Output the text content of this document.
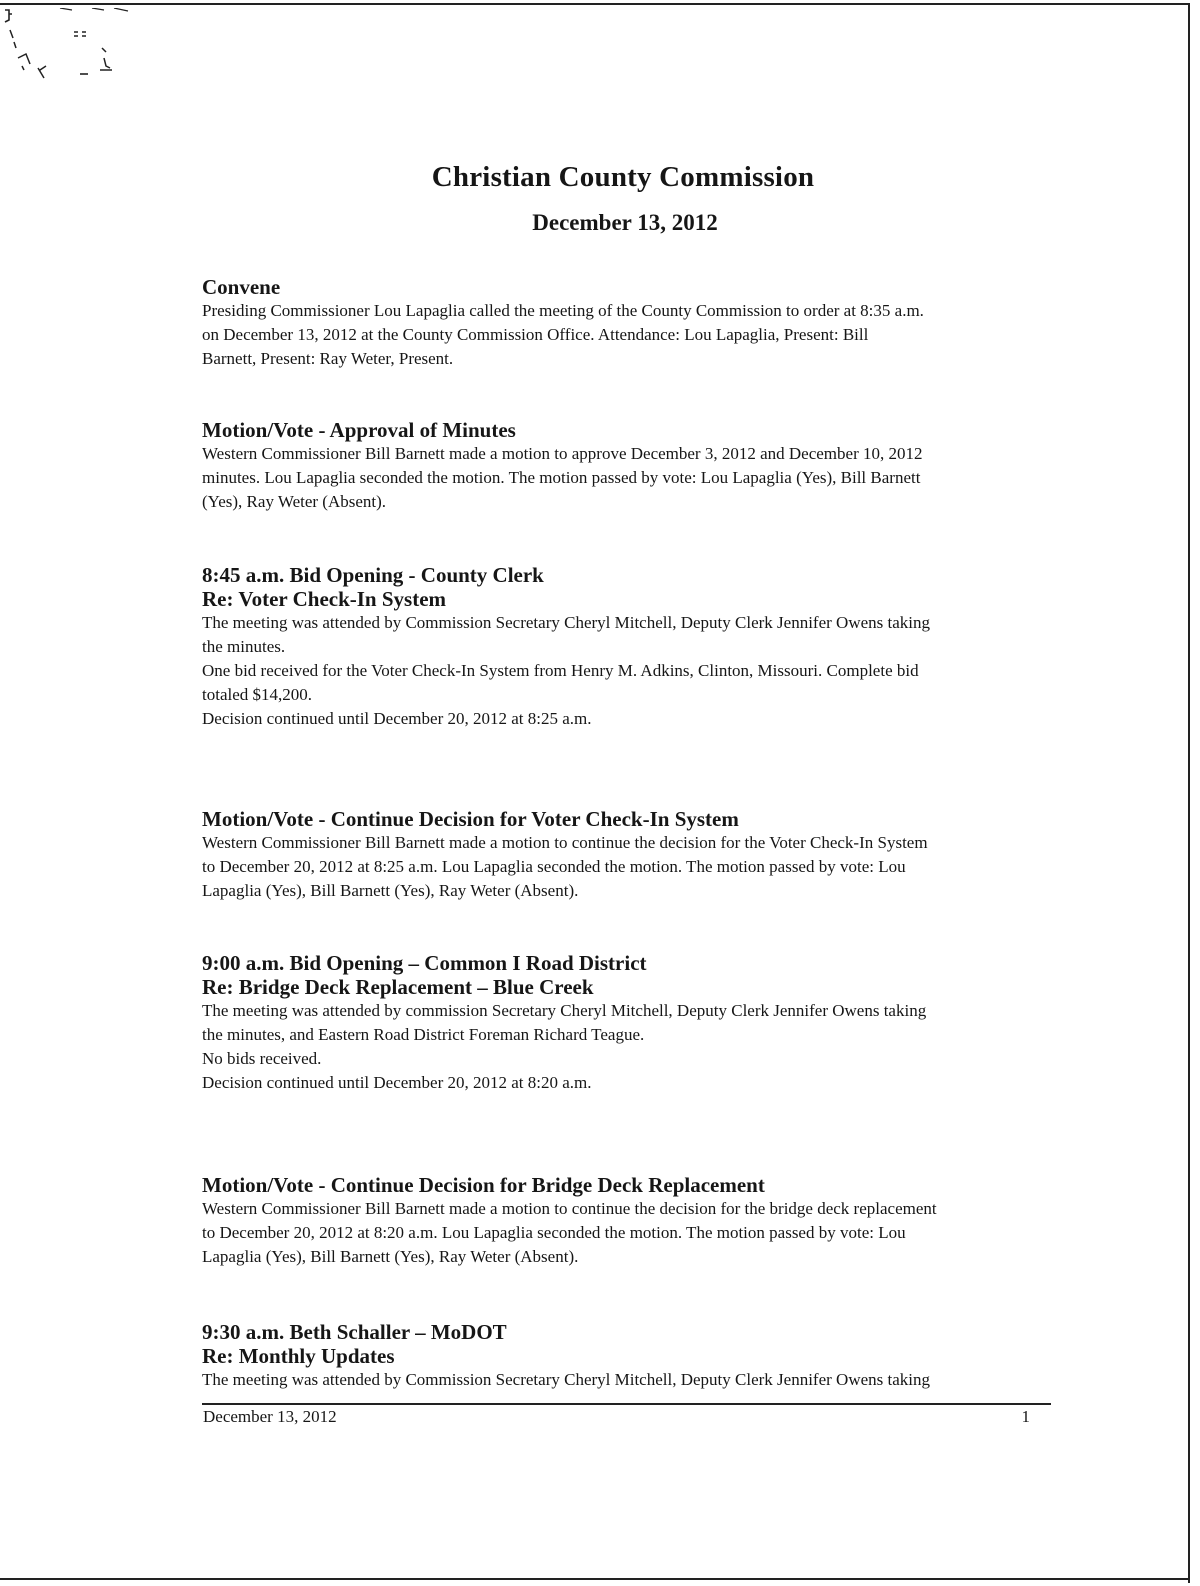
Christian County Commission
December 13, 2012
Convene
Presiding Commissioner Lou Lapaglia called the meeting of the County Commission to order at 8:35 a.m.
on December 13, 2012 at the County Commission Office. Attendance: Lou Lapaglia, Present: Bill
Barnett, Present: Ray Weter, Present.
Motion/Vote - Approval of Minutes
Western Commissioner Bill Barnett made a motion to approve December 3, 2012 and December 10, 2012
minutes. Lou Lapaglia seconded the motion. The motion passed by vote: Lou Lapaglia (Yes), Bill Barnett
(Yes), Ray Weter (Absent).
8:45 a.m. Bid Opening - County Clerk
Re: Voter Check-In System
The meeting was attended by Commission Secretary Cheryl Mitchell, Deputy Clerk Jennifer Owens taking
the minutes.
One bid received for the Voter Check-In System from Henry M. Adkins, Clinton, Missouri. Complete bid
totaled $14,200.
Decision continued until December 20, 2012 at 8:25 a.m.
Motion/Vote - Continue Decision for Voter Check-In System
Western Commissioner Bill Barnett made a motion to continue the decision for the Voter Check-In System
to December 20, 2012 at 8:25 a.m. Lou Lapaglia seconded the motion. The motion passed by vote: Lou
Lapaglia (Yes), Bill Barnett (Yes), Ray Weter (Absent).
9:00 a.m. Bid Opening – Common I Road District
Re: Bridge Deck Replacement – Blue Creek
The meeting was attended by commission Secretary Cheryl Mitchell, Deputy Clerk Jennifer Owens taking
the minutes, and Eastern Road District Foreman Richard Teague.
No bids received.
Decision continued until December 20, 2012 at 8:20 a.m.
Motion/Vote - Continue Decision for Bridge Deck Replacement
Western Commissioner Bill Barnett made a motion to continue the decision for the bridge deck replacement
to December 20, 2012 at 8:20 a.m. Lou Lapaglia seconded the motion. The motion passed by vote: Lou
Lapaglia (Yes), Bill Barnett (Yes), Ray Weter (Absent).
9:30 a.m. Beth Schaller – MoDOT
Re: Monthly Updates
The meeting was attended by Commission Secretary Cheryl Mitchell, Deputy Clerk Jennifer Owens taking
December 13, 2012	1
